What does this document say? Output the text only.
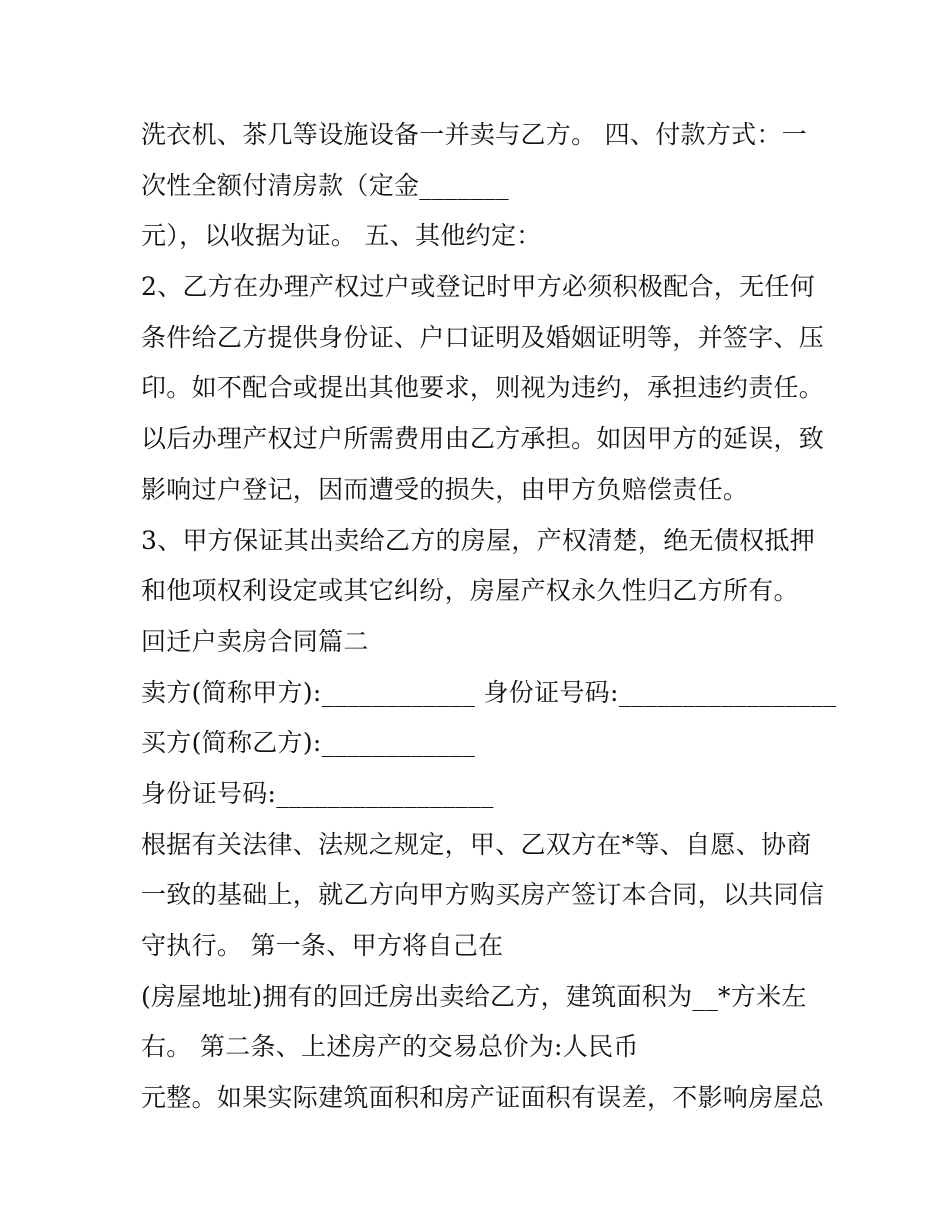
洗衣机、茶几等设施设备一并卖与乙方。 四、付款方式：一
次性全额付清房款（定金_______
元），以收据为证。 五、其他约定：
2、乙方在办理产权过户或登记时甲方必须积极配合，无任何
条件给乙方提供身份证、户口证明及婚姻证明等，并签字、压
印。如不配合或提出其他要求，则视为违约，承担违约责任。
以后办理产权过户所需费用由乙方承担。如因甲方的延误，致
影响过户登记，因而遭受的损失，由甲方负赔偿责任。
3、甲方保证其出卖给乙方的房屋，产权清楚，绝无债权抵押
和他项权利设定或其它纠纷，房屋产权永久性归乙方所有。
回迁户卖房合同篇二
卖方(简称甲方):____________ 身份证号码:_________________
买方(简称乙方):____________
身份证号码:_________________
根据有关法律、法规之规定，甲、乙双方在*等、自愿、协商
一致的基础上，就乙方向甲方购买房产签订本合同，以共同信
守执行。 第一条、甲方将自己在
(房屋地址)拥有的回迁房出卖给乙方，建筑面积为__*方米左
右。 第二条、上述房产的交易总价为:人民币
元整。如果实际建筑面积和房产证面积有误差，不影响房屋总
